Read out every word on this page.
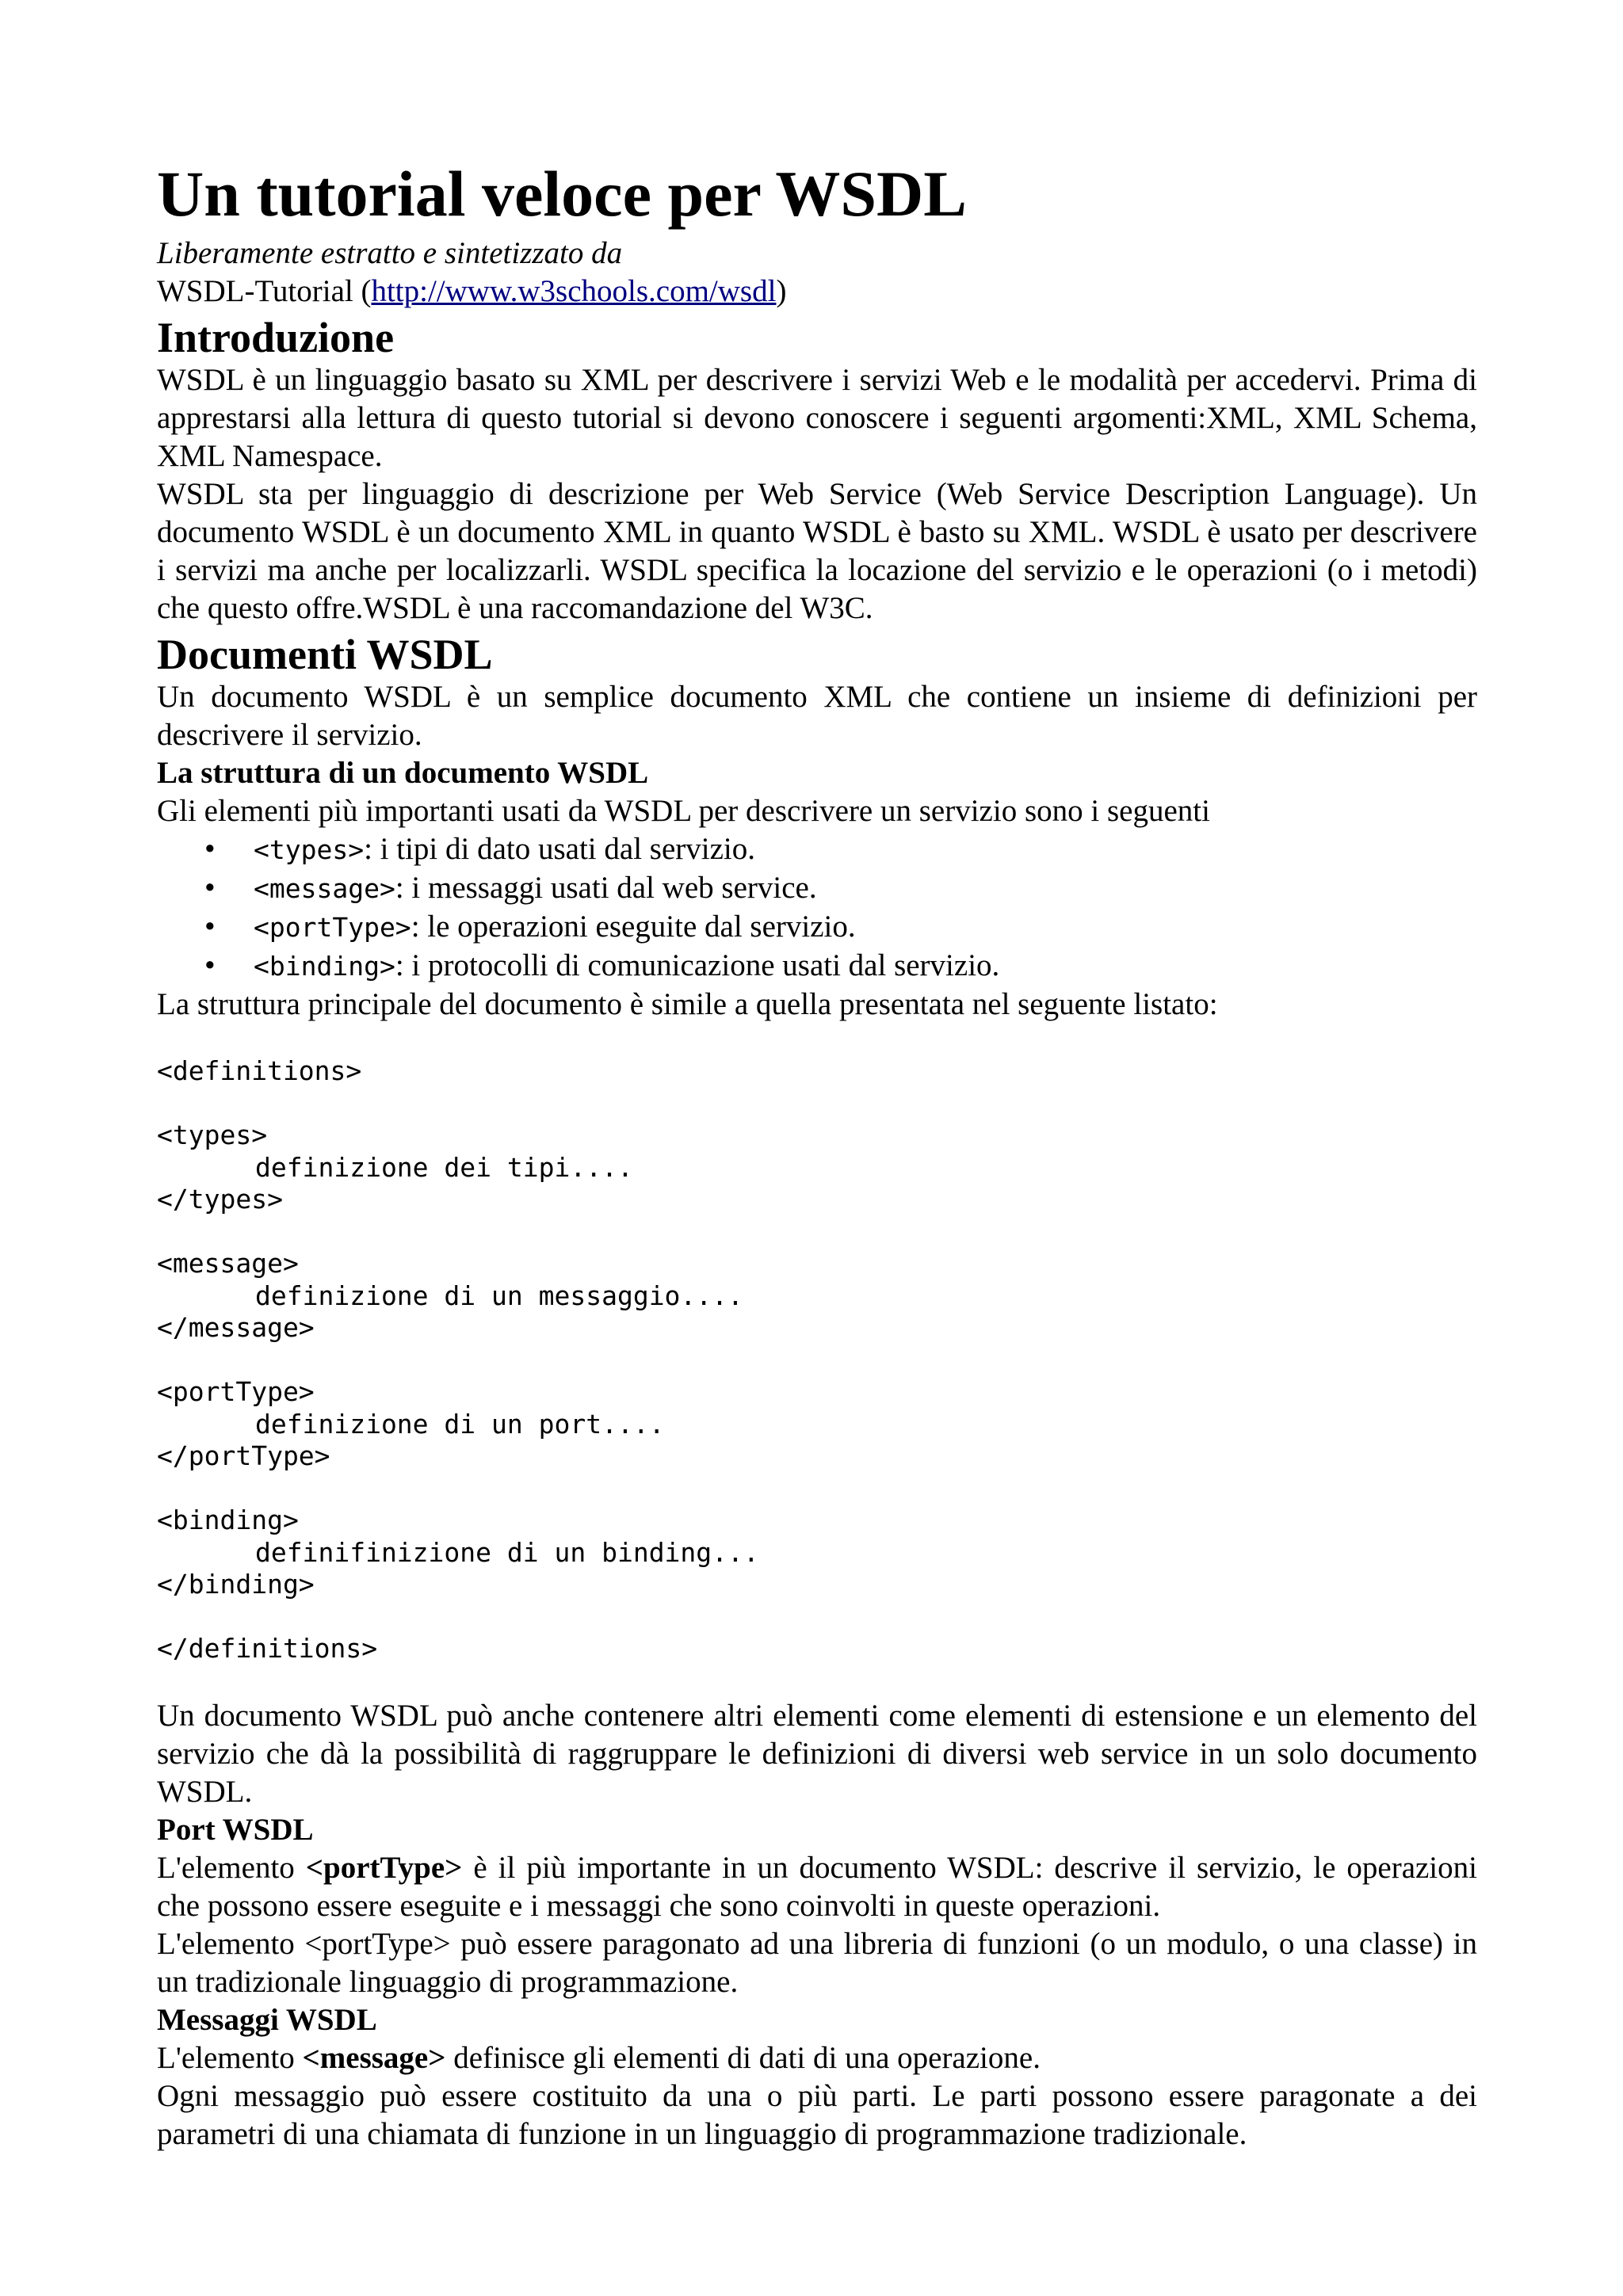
Un tutorial veloce per WSDL

Liberamente estratto e sintetizzato da

WSDL-Tutorial (http://www.w3schools.com/wsdl)

Introduzione

WSDL è un linguaggio basato su XML per descrivere i servizi Web e le modalità per accedervi. Prima di apprestarsi alla lettura di questo tutorial si devono conoscere i seguenti argomenti:XML, XML Schema, XML Namespace.

WSDL sta per linguaggio di descrizione per Web Service (Web Service Description Language). Un documento WSDL è un documento XML in quanto WSDL è basto su XML. WSDL è usato per descrivere i servizi ma anche per localizzarli. WSDL specifica la locazione del servizio e le operazioni (o i metodi) che questo offre.WSDL è una raccomandazione del W3C.

Documenti WSDL

Un documento WSDL è un semplice documento XML che contiene un insieme di definizioni per descrivere il servizio.

La struttura di un documento WSDL

Gli elementi più importanti usati da WSDL per descrivere un servizio sono i seguenti

• <types>: i tipi di dato usati dal servizio.
• <message>: i messaggi usati dal web service.
• <portType>: le operazioni eseguite dal servizio.
• <binding>: i protocolli di comunicazione usati dal servizio.

La struttura principale del documento è simile a quella presentata nel seguente listato:

<definitions>

<types>
definizione dei tipi....
</types>

<message>
definizione di un messaggio....
</message>

<portType>
definizione di un port....
</portType>

<binding>
definifinizione di un binding...
</binding>

</definitions>

Un documento WSDL può anche contenere altri elementi come elementi di estensione e un elemento del servizio che dà la possibilità di raggruppare le definizioni di diversi web service in un solo documento WSDL.

Port WSDL

L'elemento <portType> è il più importante in un documento WSDL: descrive il servizio, le operazioni che possono essere eseguite e i messaggi che sono coinvolti in queste operazioni.

L'elemento <portType> può essere paragonato ad una libreria di funzioni (o un modulo, o una classe) in un tradizionale linguaggio di programmazione.

Messaggi WSDL

L'elemento <message> definisce gli elementi di dati di una operazione.

Ogni messaggio può essere costituito da una o più parti. Le parti possono essere paragonate a dei parametri di una chiamata di funzione in un linguaggio di programmazione tradizionale.
